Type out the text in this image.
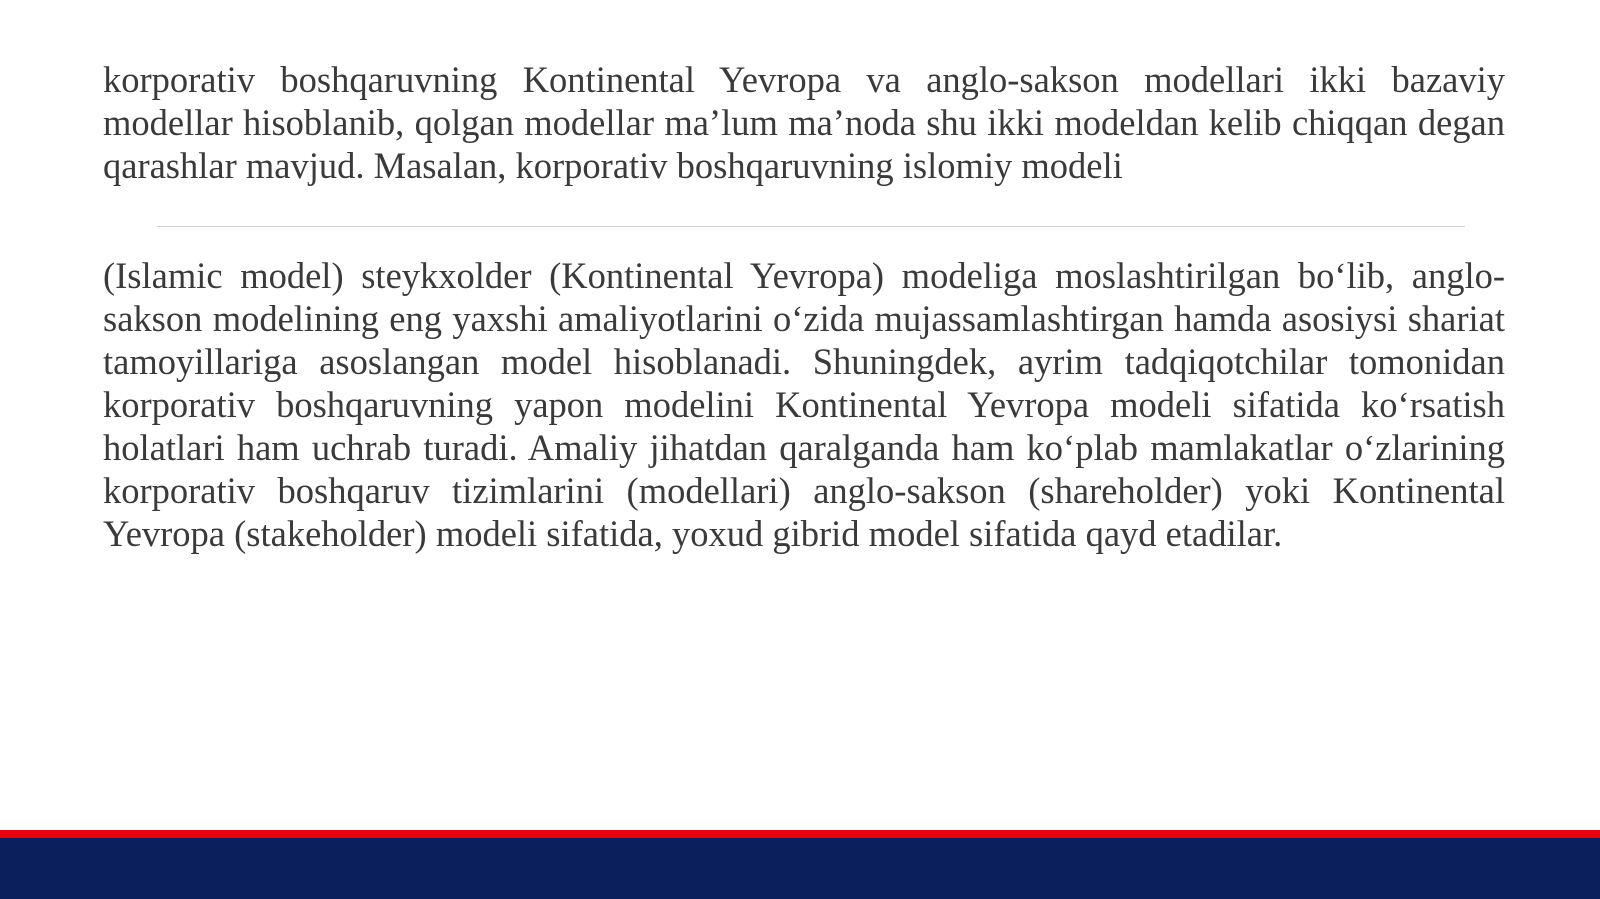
korporativ boshqaruvning Kontinental Yevropa va anglo-sakson modellari ikki bazaviy modellar hisoblanib, qolgan modellar ma’lum ma’noda shu ikki modeldan kelib chiqqan degan qarashlar mavjud. Masalan, korporativ boshqaruvning islomiy modeli

(Islamic model) steykxolder (Kontinental Yevropa) modeliga moslashtirilgan bo‘lib, anglo-sakson modelining eng yaxshi amaliyotlarini o‘zida mujassamlashtirgan hamda asosiysi shariat tamoyillariga asoslangan model hisoblanadi. Shuningdek, ayrim tadqiqotchilar tomonidan korporativ boshqaruvning yapon modelini Kontinental Yevropa modeli sifatida ko‘rsatish holatlari ham uchrab turadi. Amaliy jihatdan qaralganda ham ko‘plab mamlakatlar o‘zlarining korporativ boshqaruv tizimlarini (modellari) anglo-sakson (shareholder) yoki Kontinental Yevropa (stakeholder) modeli sifatida, yoxud gibrid model sifatida qayd etadilar.
